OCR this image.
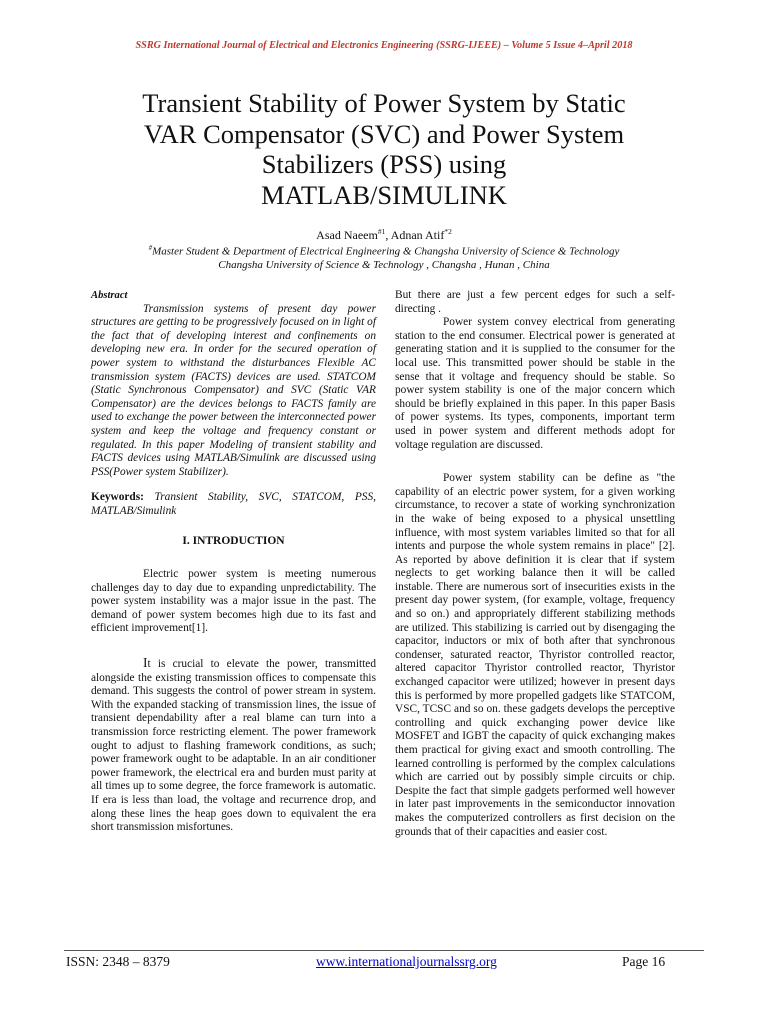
SSRG International Journal of Electrical and Electronics Engineering (SSRG-IJEEE) – Volume 5 Issue 4–April 2018
Transient Stability of Power System by Static
VAR Compensator (SVC) and Power System
Stabilizers (PSS) using
MATLAB/SIMULINK
Asad Naeem$^{\#1}$, Adnan Atif$^{*2}$
#Master Student & Department of Electrical Engineering & Changsha University of Science & Technology
Changsha University of Science & Technology , Changsha , Hunan , China

Abstract

Transmission systems of present day power structures are getting to be progressively focused on in light of the fact that of developing interest and confinements on developing new era. In order for the secured operation of power system to withstand the disturbances Flexible AC transmission system (FACTS) devices are used. STATCOM (Static Synchronous Compensator) and SVC (Static VAR Compensator) are the devices belongs to FACTS family are used to exchange the power between the interconnected power system and keep the voltage and frequency constant or regulated. In this paper Modeling of transient stability and FACTS devices using MATLAB/Simulink are discussed using PSS(Power system Stabilizer).

Keywords: Transient Stability, SVC, STATCOM, PSS, MATLAB/Simulink

I. INTRODUCTION

Electric power system is meeting numerous challenges day to day due to expanding unpredictability. The power system instability was a major issue in the past. The demand of power system becomes high due to its fast and efficient improvement[1].

It is crucial to elevate the power, transmitted alongside the existing transmission offices to compensate this demand. This suggests the control of power stream in system. With the expanded stacking of transmission lines, the issue of transient dependability after a real blame can turn into a transmission force restricting element. The power framework ought to adjust to flashing framework conditions, as such; power framework ought to be adaptable. In an air conditioner power framework, the electrical era and burden must parity at all times up to some degree, the force framework is automatic. If era is less than load, the voltage and recurrence drop, and along these lines the heap goes down to equivalent the era short transmission misfortunes.

But there are just a few percent edges for such a self-directing .

Power system convey electrical from generating station to the end consumer. Electrical power is generated at generating station and it is supplied to the consumer for the local use. This transmitted power should be stable in the sense that it voltage and frequency should be stable. So power system stability is one of the major concern which should be briefly explained in this paper. In this paper Basis of power systems. Its types, components, important term used in power system and different methods adopt for voltage regulation are discussed.

Power system stability can be define as "the capability of an electric power system, for a given working circumstance, to recover a state of working synchronization in the wake of being exposed to a physical unsettling influence, with most system variables limited so that for all intents and purpose the whole system remains in place" [2]. As reported by above definition it is clear that if system neglects to get working balance then it will be called instable. There are numerous sort of insecurities exists in the present day power system, (for example, voltage, frequency and so on.) and appropriately different stabilizing methods are utilized. This stabilizing is carried out by disengaging the capacitor, inductors or mix of both after that synchronous condenser, saturated reactor, Thyristor controlled reactor, altered capacitor Thyristor controlled reactor, Thyristor exchanged capacitor were utilized; however in present days this is performed by more propelled gadgets like STATCOM, VSC, TCSC and so on. these gadgets develops the perceptive controlling and quick exchanging power device like MOSFET and IGBT the capacity of quick exchanging makes them practical for giving exact and smooth controlling. The learned controlling is performed by the complex calculations which are carried out by possibly simple circuits or chip. Despite the fact that simple gadgets performed well however in later past improvements in the semiconductor innovation makes the computerized controllers as first decision on the grounds that of their capacities and easier cost.

ISSN: 2348 – 8379	www.internationaljournalssrg.org	Page 16
